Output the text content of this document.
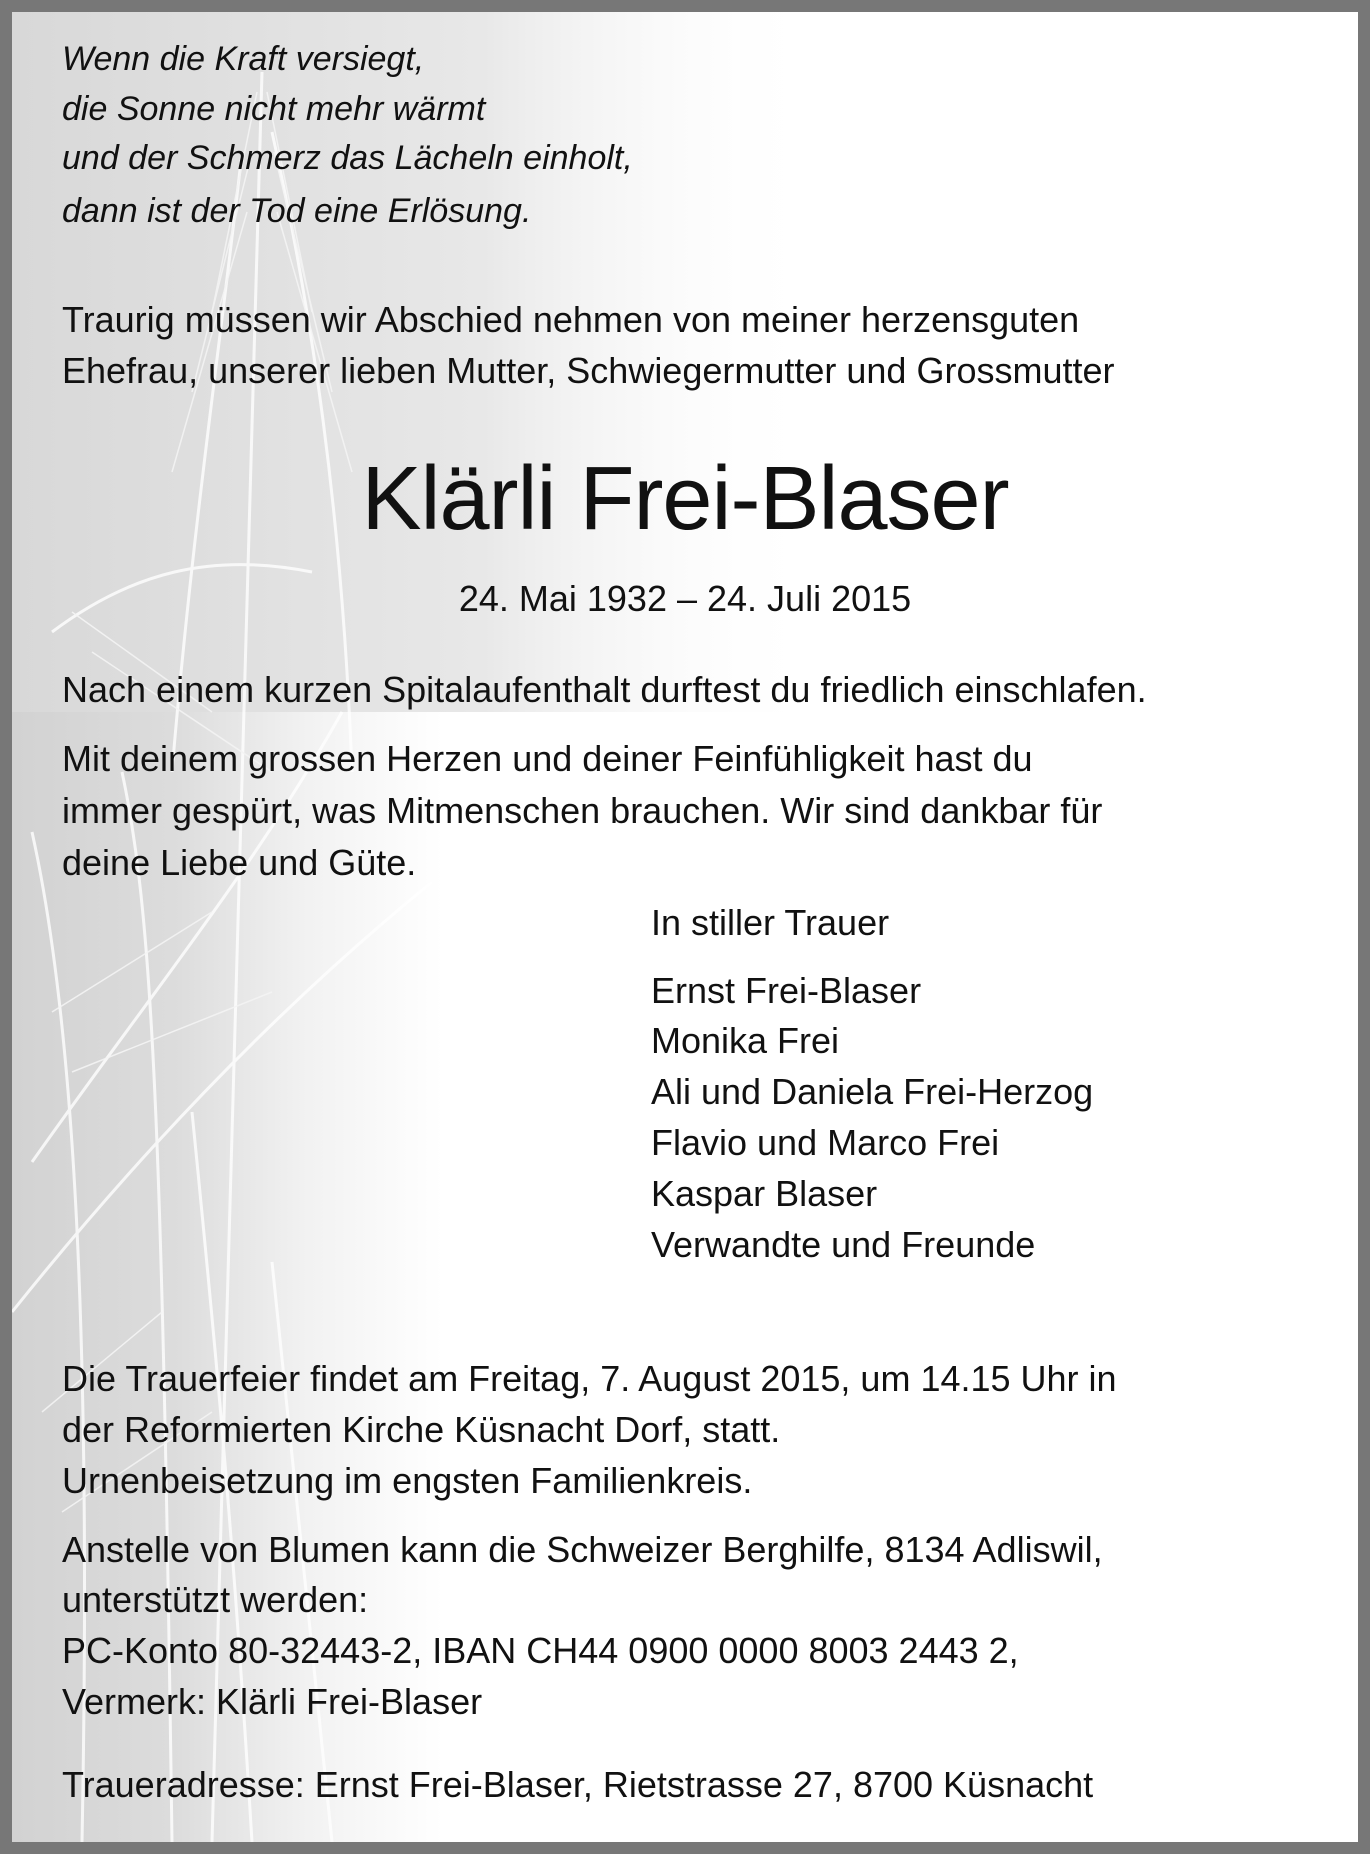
Wenn die Kraft versiegt,
die Sonne nicht mehr wärmt
und der Schmerz das Lächeln einholt,
dann ist der Tod eine Erlösung.
Traurig müssen wir Abschied nehmen von meiner herzensguten
Ehefrau, unserer lieben Mutter, Schwiegermutter und Grossmutter
Klärli Frei-Blaser
24. Mai 1932 – 24. Juli 2015
Nach einem kurzen Spitalaufenthalt durftest du friedlich einschlafen.
Mit deinem grossen Herzen und deiner Feinfühligkeit hast du
immer gespürt, was Mitmenschen brauchen. Wir sind dankbar für
deine Liebe und Güte.
In stiller Trauer
Ernst Frei-Blaser
Monika Frei
Ali und Daniela Frei-Herzog
Flavio und Marco Frei
Kaspar Blaser
Verwandte und Freunde
Die Trauerfeier findet am Freitag, 7. August 2015, um 14.15 Uhr in
der Reformierten Kirche Küsnacht Dorf, statt.
Urnenbeisetzung im engsten Familienkreis.
Anstelle von Blumen kann die Schweizer Berghilfe, 8134 Adliswil,
unterstützt werden:
PC-Konto 80-32443-2, IBAN CH44 0900 0000 8003 2443 2,
Vermerk: Klärli Frei-Blaser
Traueradresse: Ernst Frei-Blaser, Rietstrasse 27, 8700 Küsnacht
